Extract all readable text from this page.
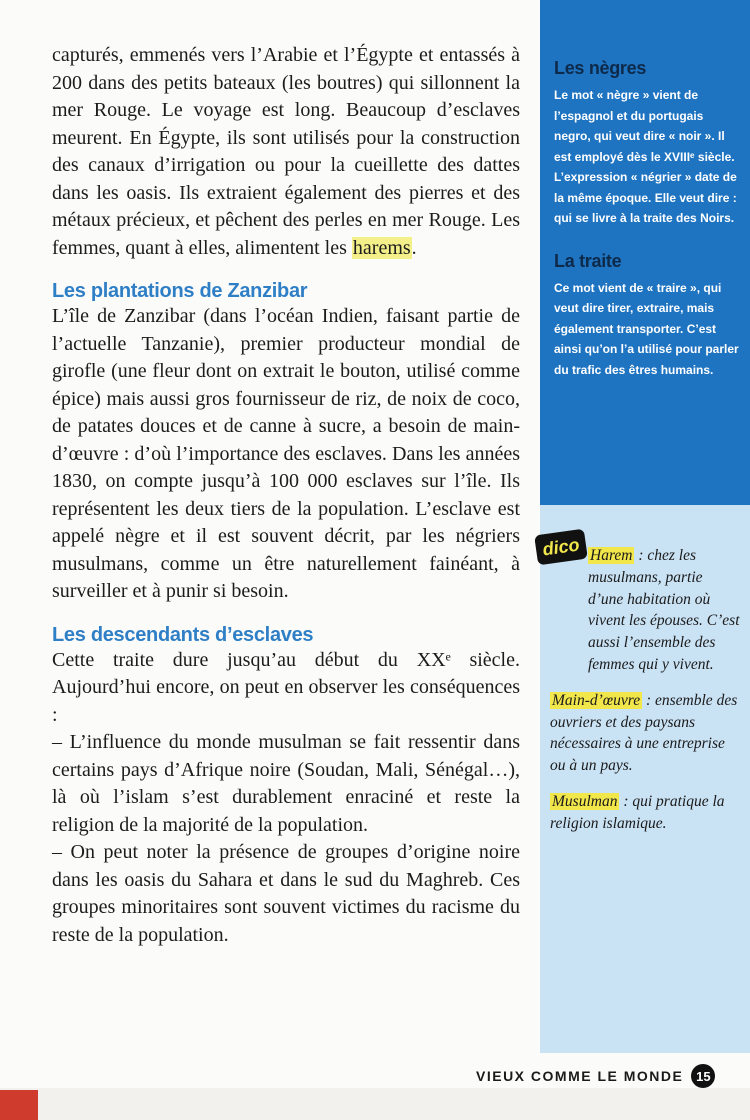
capturés, emmenés vers l’Arabie et l’Égypte et entassés à 200 dans des petits bateaux (les boutres) qui sillonnent la mer Rouge. Le voyage est long. Beaucoup d’esclaves meurent. En Égypte, ils sont utilisés pour la construction des canaux d’irrigation ou pour la cueillette des dattes dans les oasis. Ils extraient également des pierres et des métaux précieux, et pêchent des perles en mer Rouge. Les femmes, quant à elles, alimentent les harems.

Les plantations de Zanzibar

L’île de Zanzibar (dans l’océan Indien, faisant partie de l’actuelle Tanzanie), premier producteur mondial de girofle (une fleur dont on extrait le bouton, utilisé comme épice) mais aussi gros fournisseur de riz, de noix de coco, de patates douces et de canne à sucre, a besoin de main-d’œuvre : d’où l’importance des esclaves. Dans les années 1830, on compte jusqu’à 100 000 esclaves sur l’île. Ils représentent les deux tiers de la population. L’esclave est appelé nègre et il est souvent décrit, par les négriers musulmans, comme un être naturellement fainéant, à surveiller et à punir si besoin.

Les descendants d’esclaves

Cette traite dure jusqu’au début du XXᵉ siècle. Aujourd’hui encore, on peut en observer les conséquences :

– L’influence du monde musulman se fait ressentir dans certains pays d’Afrique noire (Soudan, Mali, Sénégal…), là où l’islam s’est durablement enraciné et reste la religion de la majorité de la population.

– On peut noter la présence de groupes d’origine noire dans les oasis du Sahara et dans le sud du Maghreb. Ces groupes minoritaires sont souvent victimes du racisme du reste de la population.

Les nègres

Le mot « nègre » vient de l’espagnol et du portugais negro, qui veut dire « noir ». Il est employé dès le XVIIIᵉ siècle. L’expression « négrier » date de la même époque. Elle veut dire : qui se livre à la traite des Noirs.

La traite

Ce mot vient de « traire », qui veut dire tirer, extraire, mais également transporter. C’est ainsi qu’on l’a utilisé pour parler du trafic des êtres humains.

dico Harem : chez les musulmans, partie d’une habitation où vivent les épouses. C’est aussi l’ensemble des femmes qui y vivent.

Main-d’œuvre : ensemble des ouvriers et des paysans nécessaires à une entreprise ou à un pays.

Musulman : qui pratique la religion islamique.

VIEUX COMME LE MONDE 15
